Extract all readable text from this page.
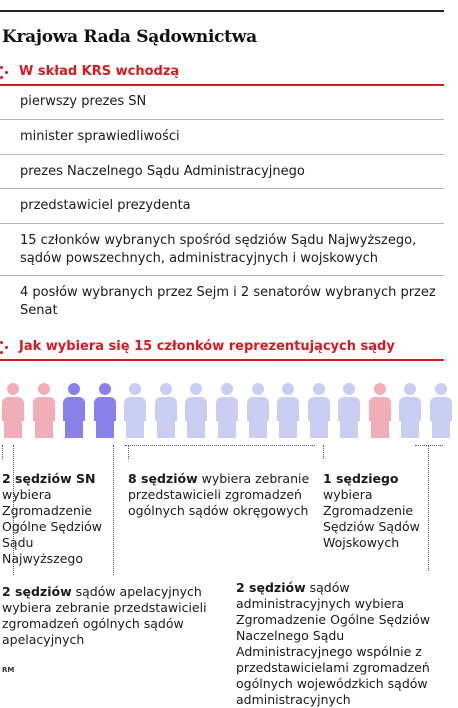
Krajowa Rada Sądownictwa
W skład KRS wchodzą
pierwszy prezes SN
minister sprawiedliwości
prezes Naczelnego Sądu Administracyjnego
przedstawiciel prezydenta
15 członków wybranych spośród sędziów Sądu Najwyższego, sądów powszechnych, administracyjnych i wojskowych
4 posłów wybranych przez Sejm i 2 senatorów wybranych przez Senat
Jak wybiera się 15 członków reprezentujących sądy
2 sędziów SN wybiera Zgromadzenie Ogólne Sędziów Sądu Najwyższego
8 sędziów wybiera zebranie przedstawicieli zgromadzeń ogólnych sądów okręgowych
1 sędziego wybiera Zgromadzenie Sędziów Sądów Wojskowych
2 sędziów sądów apelacyjnych wybiera zebranie przedstawicieli zgromadzeń ogólnych sądów apelacyjnych
2 sędziów sądów administracyjnych wybiera Zgromadzenie Ogólne Sędziów Naczelnego Sądu Administracyjnego wspólnie z przedstawicielami zgromadzeń ogólnych wojewódzkich sądów administracyjnych
RM
